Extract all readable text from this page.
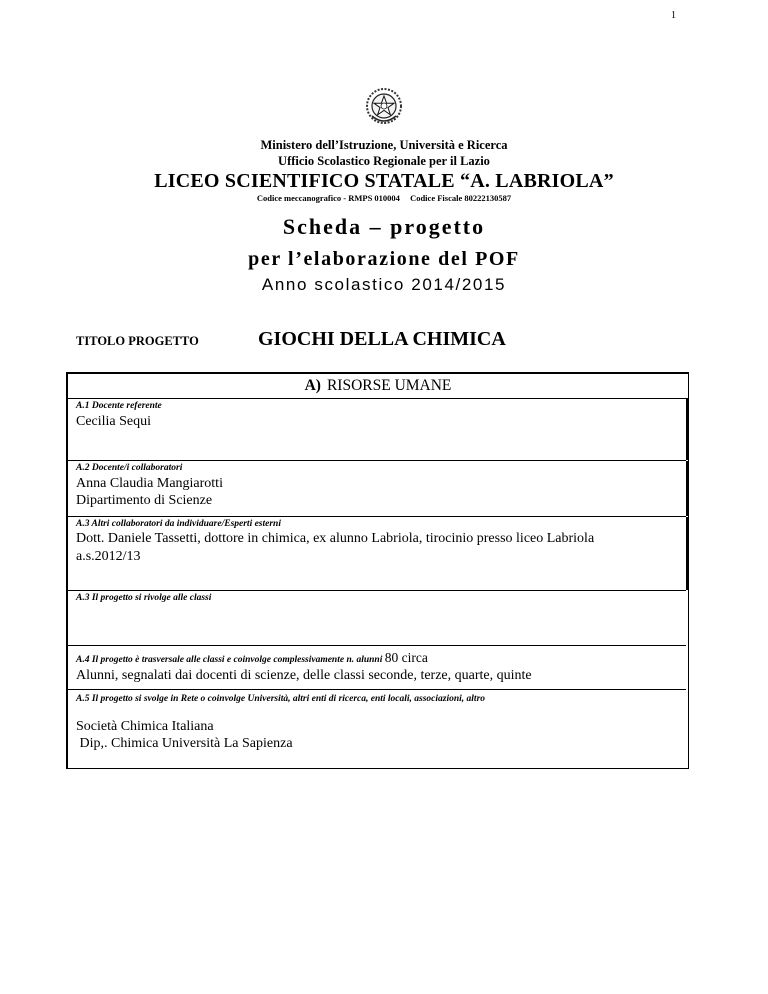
1
Ministero dell’Istruzione, Università e Ricerca
Ufficio Scolastico Regionale per il Lazio
LICEO SCIENTIFICO STATALE “A. LABRIOLA”
Codice meccanografico - RMPS 010004 Codice Fiscale 80222130587
Scheda – progetto
per l’elaborazione del POF
Anno scolastico 2014/2015
TITOLO PROGETTO	GIOCHI DELLA CHIMICA
A) RISORSE UMANE
A.1 Docente referente
Cecilia Sequi
A.2 Docente/i collaboratori
Anna Claudia Mangiarotti
Dipartimento di Scienze
A.3 Altri collaboratori da individuare/Esperti esterni
Dott. Daniele Tassetti, dottore in chimica, ex alunno Labriola, tirocinio presso liceo Labriola
a.s.2012/13
A.3 Il progetto si rivolge alle classi
A.4 Il progetto è trasversale alle classi e coinvolge complessivamente n. alunni 80 circa
Alunni, segnalati dai docenti di scienze, delle classi seconde, terze, quarte, quinte
A.5 Il progetto si svolge in Rete o coinvolge Università, altri enti di ricerca, enti locali, associazioni, altro
Società Chimica Italiana
Dip,. Chimica Università La Sapienza
